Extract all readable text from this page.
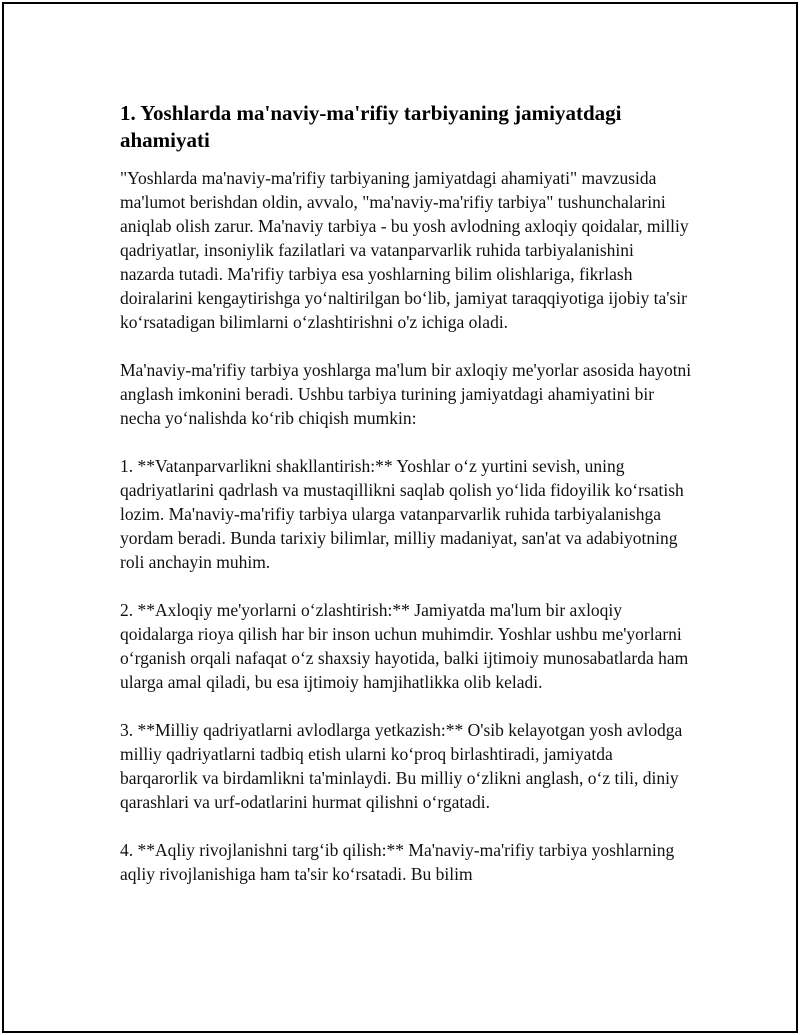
1. Yoshlarda ma'naviy-ma'rifiy tarbiyaning jamiyatdagi ahamiyati

"Yoshlarda ma'naviy-ma'rifiy tarbiyaning jamiyatdagi ahamiyati" mavzusida ma'lumot berishdan oldin, avvalo, "ma'naviy-ma'rifiy tarbiya" tushunchalarini aniqlab olish zarur. Ma'naviy tarbiya - bu yosh avlodning axloqiy qoidalar, milliy qadriyatlar, insoniylik fazilatlari va vatanparvarlik ruhida tarbiyalanishini nazarda tutadi. Ma'rifiy tarbiya esa yoshlarning bilim olishlariga, fikrlash doiralarini kengaytirishga yo‘naltirilgan bo‘lib, jamiyat taraqqiyotiga ijobiy ta'sir ko‘rsatadigan bilimlarni o‘zlashtirishni o'z ichiga oladi.

Ma'naviy-ma'rifiy tarbiya yoshlarga ma'lum bir axloqiy me'yorlar asosida hayotni anglash imkonini beradi. Ushbu tarbiya turining jamiyatdagi ahamiyatini bir necha yo‘nalishda ko‘rib chiqish mumkin:

1. **Vatanparvarlikni shakllantirish:** Yoshlar o‘z yurtini sevish, uning qadriyatlarini qadrlash va mustaqillikni saqlab qolish yo‘lida fidoyilik ko‘rsatish lozim. Ma'naviy-ma'rifiy tarbiya ularga vatanparvarlik ruhida tarbiyalanishga yordam beradi. Bunda tarixiy bilimlar, milliy madaniyat, san'at va adabiyotning roli anchayin muhim.

2. **Axloqiy me'yorlarni o‘zlashtirish:** Jamiyatda ma'lum bir axloqiy qoidalarga rioya qilish har bir inson uchun muhimdir. Yoshlar ushbu me'yorlarni o‘rganish orqali nafaqat o‘z shaxsiy hayotida, balki ijtimoiy munosabatlarda ham ularga amal qiladi, bu esa ijtimoiy hamjihatlikka olib keladi.

3. **Milliy qadriyatlarni avlodlarga yetkazish:** O'sib kelayotgan yosh avlodga milliy qadriyatlarni tadbiq etish ularni ko‘proq birlashtiradi, jamiyatda barqarorlik va birdamlikni ta'minlaydi. Bu milliy o‘zlikni anglash, o‘z tili, diniy qarashlari va urf-odatlarini hurmat qilishni o‘rgatadi.

4. **Aqliy rivojlanishni targ‘ib qilish:** Ma'naviy-ma'rifiy tarbiya yoshlarning aqliy rivojlanishiga ham ta'sir ko‘rsatadi. Bu bilim
